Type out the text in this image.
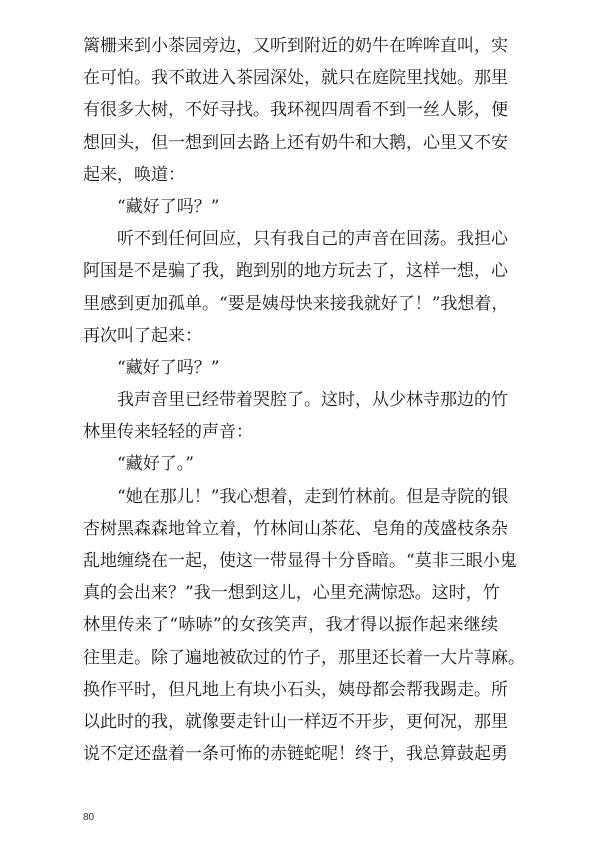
篱栅来到小茶园旁边，又听到附近的奶牛在哞哞直叫，实
在可怕。我不敢进入茶园深处，就只在庭院里找她。那里
有很多大树，不好寻找。我环视四周看不到一丝人影，便
想回头，但一想到回去路上还有奶牛和大鹅，心里又不安
起来，唤道：
“藏好了吗？”
听不到任何回应，只有我自己的声音在回荡。我担心
阿国是不是骗了我，跑到别的地方玩去了，这样一想，心
里感到更加孤单。“要是姨母快来接我就好了！”我想着，
再次叫了起来：
“藏好了吗？”
我声音里已经带着哭腔了。这时，从少林寺那边的竹
林里传来轻轻的声音：
“藏好了。”
“她在那儿！”我心想着，走到竹林前。但是寺院的银
杏树黑森森地耸立着，竹林间山茶花、皂角的茂盛枝条杂
乱地缠绕在一起，使这一带显得十分昏暗。“莫非三眼小鬼
真的会出来？”我一想到这儿，心里充满惊恐。这时，竹
林里传来了“哧哧”的女孩笑声，我才得以振作起来继续
往里走。除了遍地被砍过的竹子，那里还长着一大片荨麻。
换作平时，但凡地上有块小石头，姨母都会帮我踢走。所
以此时的我，就像要走针山一样迈不开步，更何况，那里
说不定还盘着一条可怖的赤链蛇呢！终于，我总算鼓起勇
80
